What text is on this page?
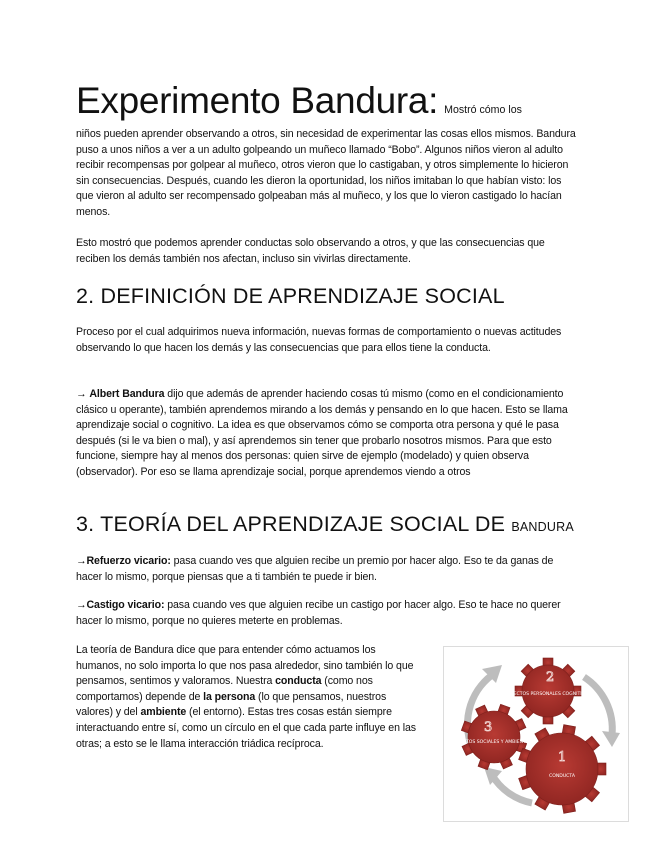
Experimento Bandura: Mostró cómo los

niños pueden aprender observando a otros, sin necesidad de experimentar las cosas ellos mismos. Bandura puso a unos niños a ver a un adulto golpeando un muñeco llamado “Bobo”. Algunos niños vieron al adulto recibir recompensas por golpear al muñeco, otros vieron que lo castigaban, y otros simplemente lo hicieron sin consecuencias. Después, cuando les dieron la oportunidad, los niños imitaban lo que habían visto: los que vieron al adulto ser recompensado golpeaban más al muñeco, y los que lo vieron castigado lo hacían menos.

Esto mostró que podemos aprender conductas solo observando a otros, y que las consecuencias que reciben los demás también nos afectan, incluso sin vivirlas directamente.

2. DEFINICIÓN DE APRENDIZAJE SOCIAL

Proceso por el cual adquirimos nueva información, nuevas formas de comportamiento o nuevas actitudes observando lo que hacen los demás y las consecuencias que para ellos tiene la conducta.

→ Albert Bandura dijo que además de aprender haciendo cosas tú mismo (como en el condicionamiento clásico u operante), también aprendemos mirando a los demás y pensando en lo que hacen. Esto se llama aprendizaje social o cognitivo. La idea es que observamos cómo se comporta otra persona y qué le pasa después (si le va bien o mal), y así aprendemos sin tener que probarlo nosotros mismos. Para que esto funcione, siempre hay al menos dos personas: quien sirve de ejemplo (modelado) y quien observa (observador). Por eso se llama aprendizaje social, porque aprendemos viendo a otros

3. TEORÍA DEL APRENDIZAJE SOCIAL DE BANDURA

→Refuerzo vicario: pasa cuando ves que alguien recibe un premio por hacer algo. Eso te da ganas de hacer lo mismo, porque piensas que a ti también te puede ir bien.

→Castigo vicario: pasa cuando ves que alguien recibe un castigo por hacer algo. Eso te hace no querer hacer lo mismo, porque no quieres meterte en problemas.

La teoría de Bandura dice que para entender cómo actuamos los humanos, no solo importa lo que nos pasa alrededor, sino también lo que pensamos, sentimos y valoramos. Nuestra conducta (como nos comportamos) depende de la persona (lo que pensamos, nuestros valores) y del ambiente (el entorno). Estas tres cosas están siempre interactuando entre sí, como un círculo en el que cada parte influye en las otras; a esto se le llama interacción triádica recíproca.

2
ASPECTOS PERSONALES COGNITIVOS
3
ASPECTOS SOCIALES Y AMBIENTALES
1
CONDUCTA
